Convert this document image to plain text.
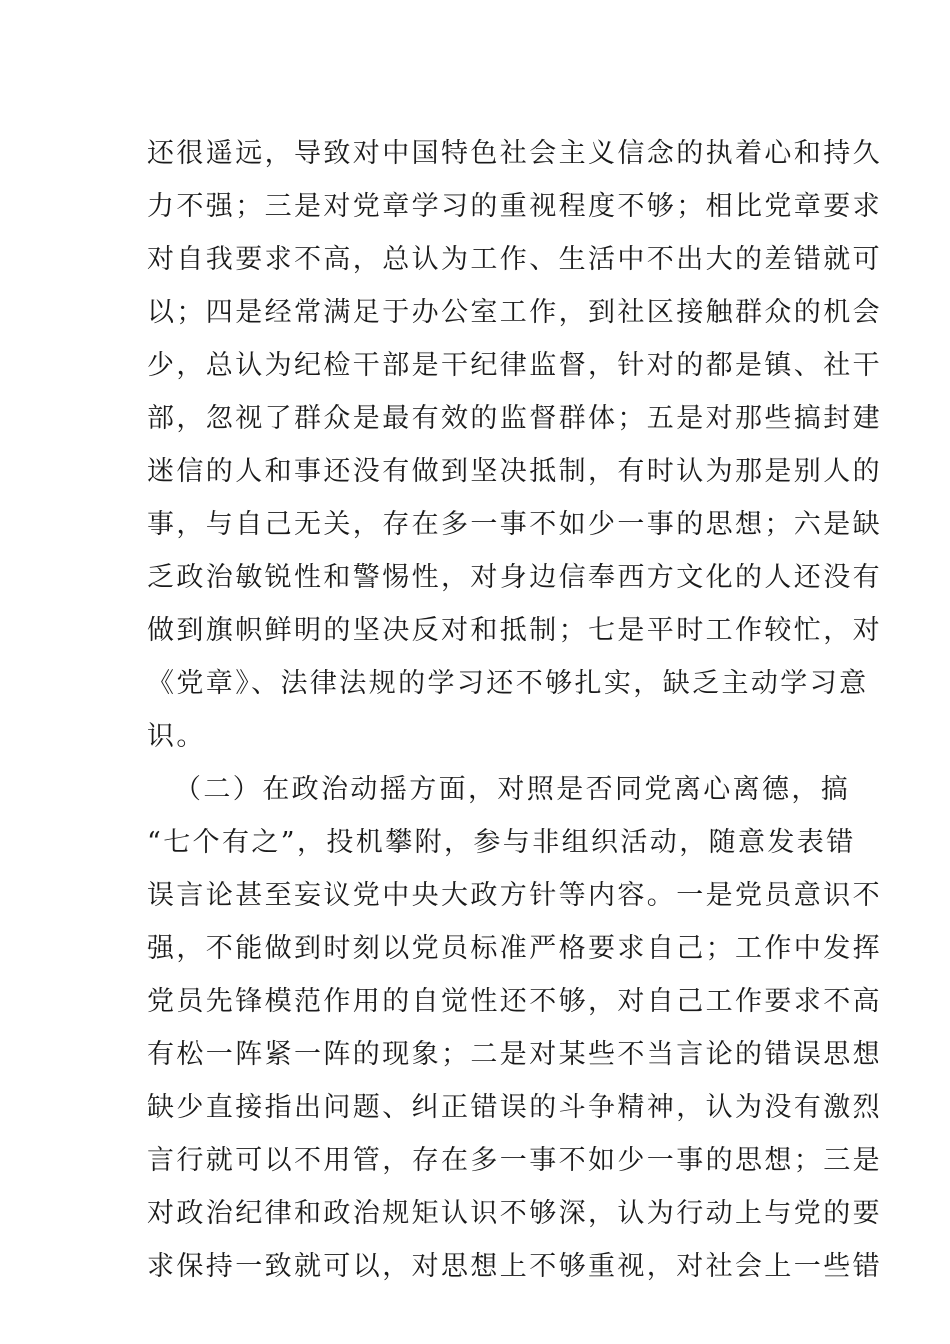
还很遥远，导致对中国特色社会主义信念的执着心和持久

力不强；三是对党章学习的重视程度不够；相比党章要求

对自我要求不高，总认为工作、生活中不出大的差错就可

以；四是经常满足于办公室工作，到社区接触群众的机会

少，总认为纪检干部是干纪律监督，针对的都是镇、社干

部，忽视了群众是最有效的监督群体；五是对那些搞封建

迷信的人和事还没有做到坚决抵制，有时认为那是别人的

事，与自己无关，存在多一事不如少一事的思想；六是缺

乏政治敏锐性和警惕性，对身边信奉西方文化的人还没有

做到旗帜鲜明的坚决反对和抵制；七是平时工作较忙，对

《党章》、法律法规的学习还不够扎实，缺乏主动学习意

识。

（二）在政治动摇方面，对照是否同党离心离德，搞

“七个有之”，投机攀附，参与非组织活动，随意发表错

误言论甚至妄议党中央大政方针等内容。一是党员意识不

强，不能做到时刻以党员标准严格要求自己；工作中发挥

党员先锋模范作用的自觉性还不够，对自己工作要求不高

有松一阵紧一阵的现象；二是对某些不当言论的错误思想

缺少直接指出问题、纠正错误的斗争精神，认为没有激烈

言行就可以不用管，存在多一事不如少一事的思想；三是

对政治纪律和政治规矩认识不够深，认为行动上与党的要

求保持一致就可以，对思想上不够重视，对社会上一些错
